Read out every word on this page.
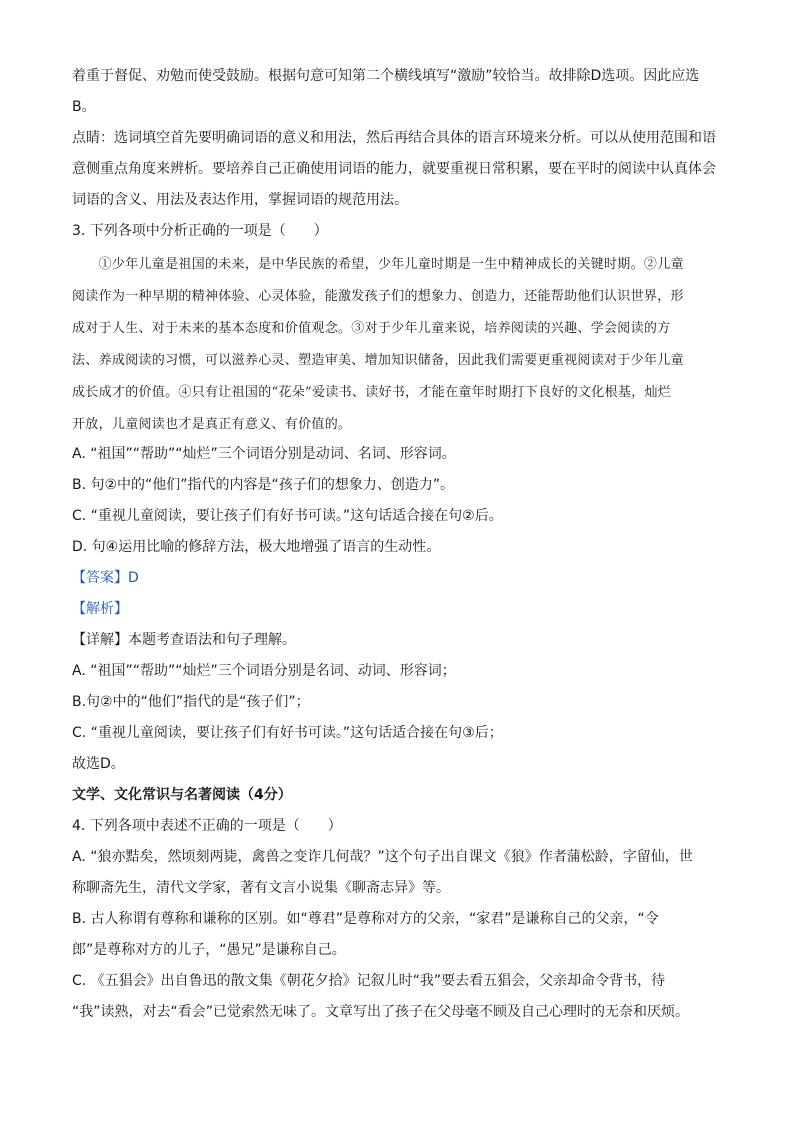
着重于督促、劝勉而使受鼓励。根据句意可知第二个横线填写“激励”较恰当。故排除D选项。因此应选
B。
点睛：选词填空首先要明确词语的意义和用法，然后再结合具体的语言环境来分析。可以从使用范围和语
意侧重点角度来辨析。要培养自己正确使用词语的能力，就要重视日常积累，要在平时的阅读中认真体会
词语的含义、用法及表达作用，掌握词语的规范用法。
3. 下列各项中分析正确的一项是（　　）
　　①少年儿童是祖国的未来，是中华民族的希望，少年儿童时期是一生中精神成长的关键时期。②儿童
阅读作为一种早期的精神体验、心灵体验，能激发孩子们的想象力、创造力，还能帮助他们认识世界，形
成对于人生、对于未来的基本态度和价值观念。③对于少年儿童来说，培养阅读的兴趣、学会阅读的方
法、养成阅读的习惯，可以滋养心灵、塑造审美、增加知识储备，因此我们需要更重视阅读对于少年儿童
成长成才的价值。④只有让祖国的“花朵”爱读书、读好书，才能在童年时期打下良好的文化根基，灿烂
开放，儿童阅读也才是真正有意义、有价值的。
A. “祖国”“帮助”“灿烂”三个词语分别是动词、名词、形容词。
B. 句②中的“他们”指代的内容是“孩子们的想象力、创造力”。
C. “重视儿童阅读，要让孩子们有好书可读。”这句话适合接在句②后。
D. 句④运用比喻的修辞方法，极大地增强了语言的生动性。
【答案】D
【解析】
【详解】本题考查语法和句子理解。
A. “祖国”“帮助”“灿烂”三个词语分别是名词、动词、形容词；
B.句②中的“他们”指代的是“孩子们”；
C. “重视儿童阅读，要让孩子们有好书可读。”这句话适合接在句③后；
故选D。
文学、文化常识与名著阅读（4分）
4. 下列各项中表述不正确的一项是（　　）
A. “狼亦黠矣，然顷刻两毙，禽兽之变诈几何哉？”这个句子出自课文《狼》作者蒲松龄，字留仙，世
称聊斋先生，清代文学家，著有文言小说集《聊斋志异》等。
B. 古人称谓有尊称和谦称的区别。如“尊君”是尊称对方的父亲，“家君”是谦称自己的父亲，“令
郎”是尊称对方的儿子，“愚兄”是谦称自己。
C. 《五猖会》出自鲁迅的散文集《朝花夕拾》记叙儿时“我”要去看五猖会，父亲却命令背书，待
“我”读熟，对去“看会”已觉索然无味了。文章写出了孩子在父母毫不顾及自己心理时的无奈和厌烦。
